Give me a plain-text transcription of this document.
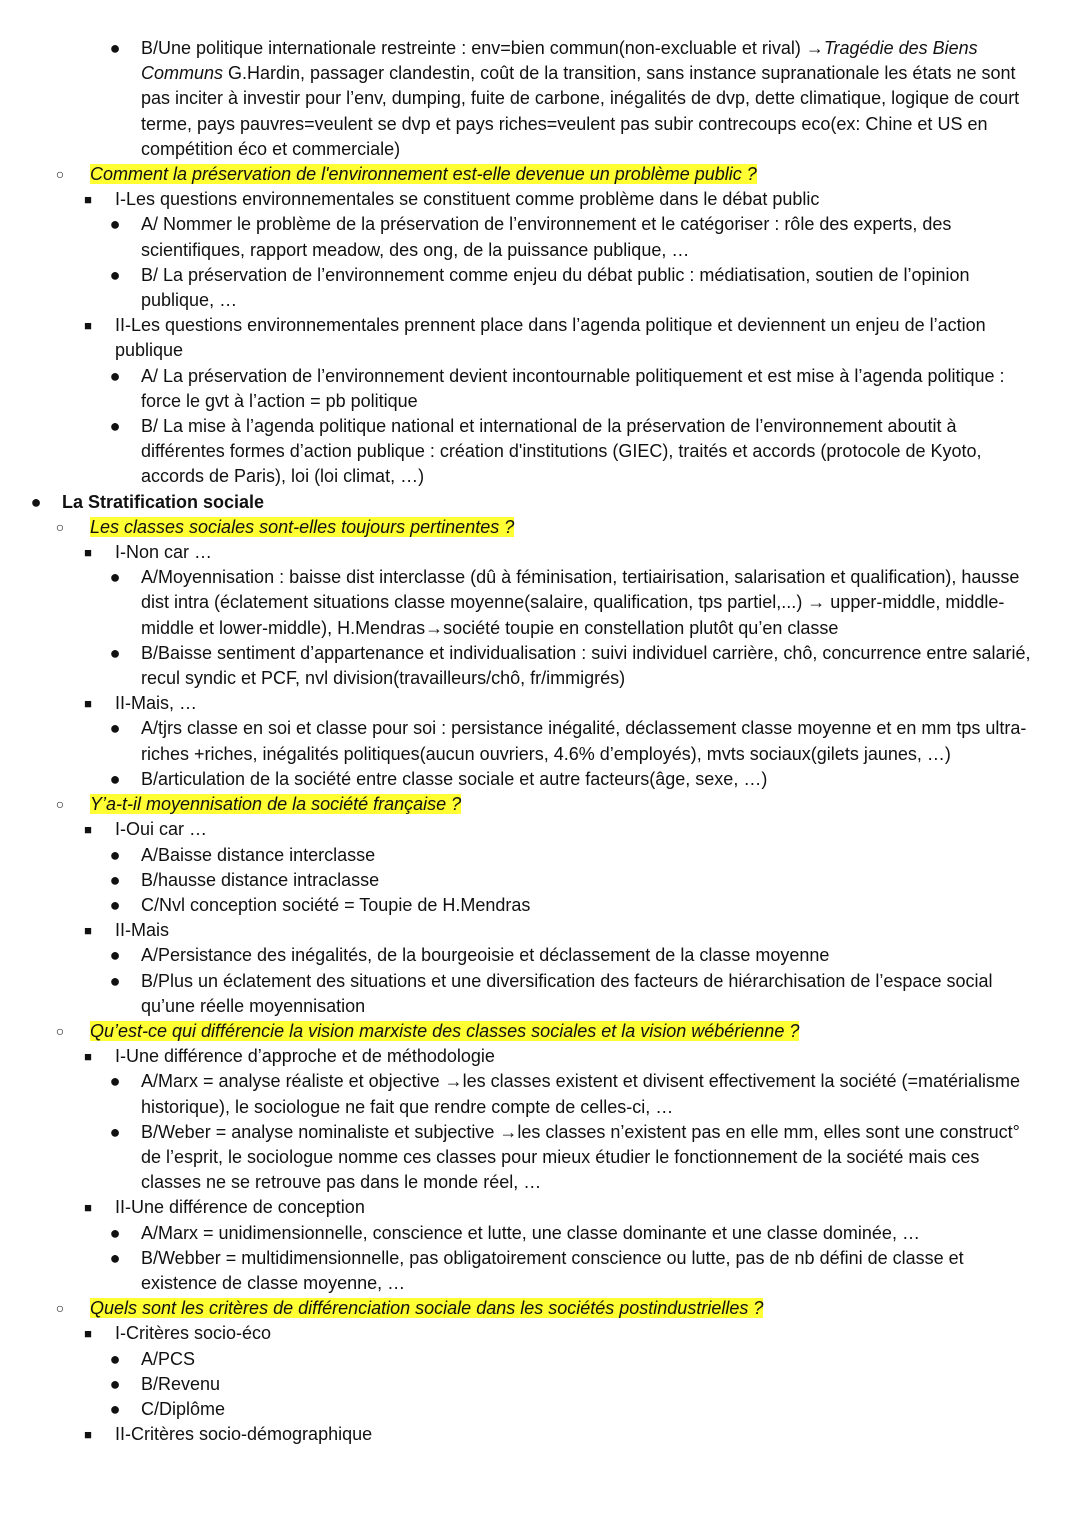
● B/Une politique internationale restreinte : env=bien commun(non-excluable et rival) →Tragédie des Biens Communs G.Hardin, passager clandestin, coût de la transition, sans instance supranationale les états ne sont pas inciter à investir pour l’env, dumping, fuite de carbone, inégalités de dvp, dette climatique, logique de court terme, pays pauvres=veulent se dvp et pays riches=veulent pas subir contrecoups eco(ex: Chine et US en compétition éco et commerciale)
○	Comment la préservation de l'environnement est-elle devenue un problème public ?
■	I-Les questions environnementales se constituent comme problème dans le débat public
● A/ Nommer le problème de la préservation de l’environnement et le catégoriser : rôle des experts, des scientifiques, rapport meadow, des ong, de la puissance publique, …
● B/ La préservation de l’environnement comme enjeu du débat public : médiatisation, soutien de l’opinion publique, …
■	II-Les questions environnementales prennent place dans l’agenda politique et deviennent un enjeu de l’action publique
● A/ La préservation de l’environnement devient incontournable politiquement et est mise à l’agenda politique : force le gvt à l’action = pb politique
● B/ La mise à l’agenda politique national et international de la préservation de l’environnement aboutit à différentes formes d’action publique : création d'institutions (GIEC), traités et accords (protocole de Kyoto, accords de Paris), loi (loi climat, …)
● La Stratification sociale
○	Les classes sociales sont-elles toujours pertinentes ?
■	I-Non car …
● A/Moyennisation : baisse dist interclasse (dû à féminisation, tertiairisation, salarisation et qualification), hausse dist intra (éclatement situations classe moyenne(salaire, qualification, tps partiel,...) → upper-middle, middle-middle et lower-middle), H.Mendras→société toupie en constellation plutôt qu’en classe
● B/Baisse sentiment d’appartenance et individualisation : suivi individuel carrière, chô, concurrence entre salarié, recul syndic et PCF, nvl division(travailleurs/chô, fr/immigrés)
■	II-Mais, …
● A/tjrs classe en soi et classe pour soi : persistance inégalité, déclassement classe moyenne et en mm tps ultra-riches +riches, inégalités politiques(aucun ouvriers, 4.6% d’employés), mvts sociaux(gilets jaunes, …)
● B/articulation de la société entre classe sociale et autre facteurs(âge, sexe, …)
○	Y’a-t-il moyennisation de la société française ?
■	I-Oui car …
● A/Baisse distance interclasse
● B/hausse distance intraclasse
● C/Nvl conception société = Toupie de H.Mendras
■	II-Mais
● A/Persistance des inégalités, de la bourgeoisie et déclassement de la classe moyenne
● B/Plus un éclatement des situations et une diversification des facteurs de hiérarchisation de l’espace social qu’une réelle moyennisation
○	Qu’est-ce qui différencie la vision marxiste des classes sociales et la vision wébérienne ?
■	I-Une différence d’approche et de méthodologie
● A/Marx = analyse réaliste et objective →les classes existent et divisent effectivement la société (=matérialisme historique), le sociologue ne fait que rendre compte de celles-ci, …
● B/Weber = analyse nominaliste et subjective →les classes n’existent pas en elle mm, elles sont une construct° de l’esprit, le sociologue nomme ces classes pour mieux étudier le fonctionnement de la société mais ces classes ne se retrouve pas dans le monde réel, …
■	II-Une différence de conception
● A/Marx = unidimensionnelle, conscience et lutte, une classe dominante et une classe dominée, …
● B/Webber = multidimensionnelle, pas obligatoirement conscience ou lutte, pas de nb défini de classe et existence de classe moyenne, …
○	Quels sont les critères de différenciation sociale dans les sociétés postindustrielles ?
■	I-Critères socio-éco
● A/PCS
● B/Revenu
● C/Diplôme
■	II-Critères socio-démographique
